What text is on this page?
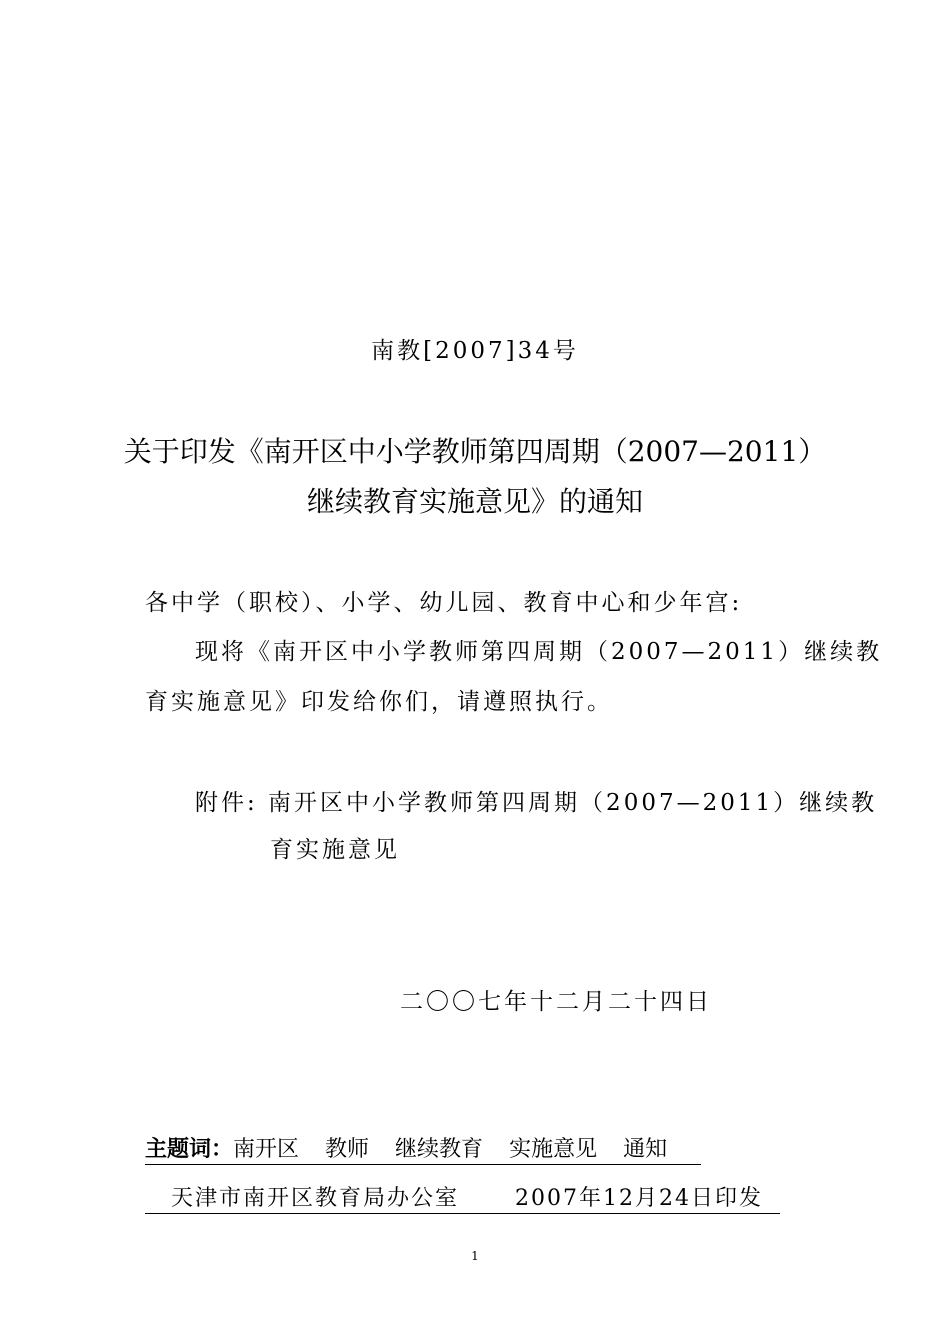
南教[2007]34号
关于印发《南开区中小学教师第四周期（2007—2011）
继续教育实施意见》的通知
各中学（职校）、小学、幼儿园、教育中心和少年宫:
现将《南开区中小学教师第四周期（2007—2011）继续教
育实施意见》印发给你们，请遵照执行。
附件: 南开区中小学教师第四周期（2007—2011）继续教
育实施意见
二〇〇七年十二月二十四日
主题词：南开区 教师 继续教育 实施意见 通知
天津市南开区教育局办公室	2007年12月24日印发
1
